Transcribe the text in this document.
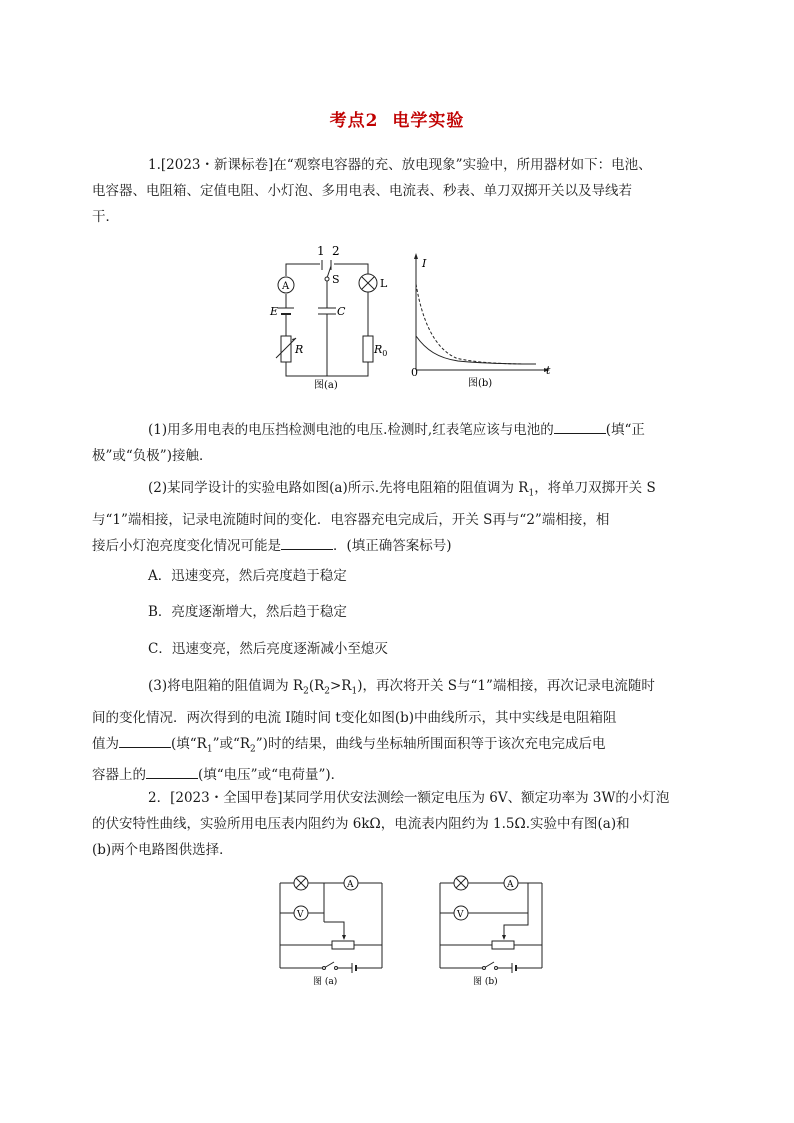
考点2 电学实验
1.[2023・新课标卷]在“观察电容器的充、放电现象”实验中，所用器材如下：电池、
电容器、电阻箱、定值电阻、小灯泡、多用电表、电流表、秒表、单刀双掷开关以及导线若
干．
1 2
S
A	L
E	C
R	$R_0$
图(a)
I
t
0
图(b)
(1)用多用电表的电压挡检测电池的电压.检测时,红表笔应该与电池的	(填“正
极”或“负极”)接触．
(2)某同学设计的实验电路如图(a)所示.先将电阻箱的阻值调为 $R_1$，将单刀双掷开关 S
与“1”端相接，记录电流随时间的变化．电容器充电完成后，开关 S再与“2”端相接，相
接后小灯泡亮度变化情况可能是	．(填正确答案标号)
A．迅速变亮，然后亮度趋于稳定
B．亮度逐渐增大，然后趋于稳定
C．迅速变亮，然后亮度逐渐减小至熄灭
(3)将电阻箱的阻值调为 $R_2(R_2>R_1)$，再次将开关 S与“1”端相接，再次记录电流随时
间的变化情况．两次得到的电流 I随时间 t变化如图(b)中曲线所示，其中实线是电阻箱阻
值为	(填“$R_1$”或“$R_2$”)时的结果，曲线与坐标轴所围面积等于该次充电完成后电
容器上的	(填“电压”或“电荷量”)．
2．[2023・全国甲卷]某同学用伏安法测绘一额定电压为 6V、额定功率为 3W的小灯泡
的伏安特性曲线，实验所用电压表内阻约为 6kΩ，电流表内阻约为 1.5Ω.实验中有图(a)和
(b)两个电路图供选择．
A
V
图 (a)
A
V
图 (b)
